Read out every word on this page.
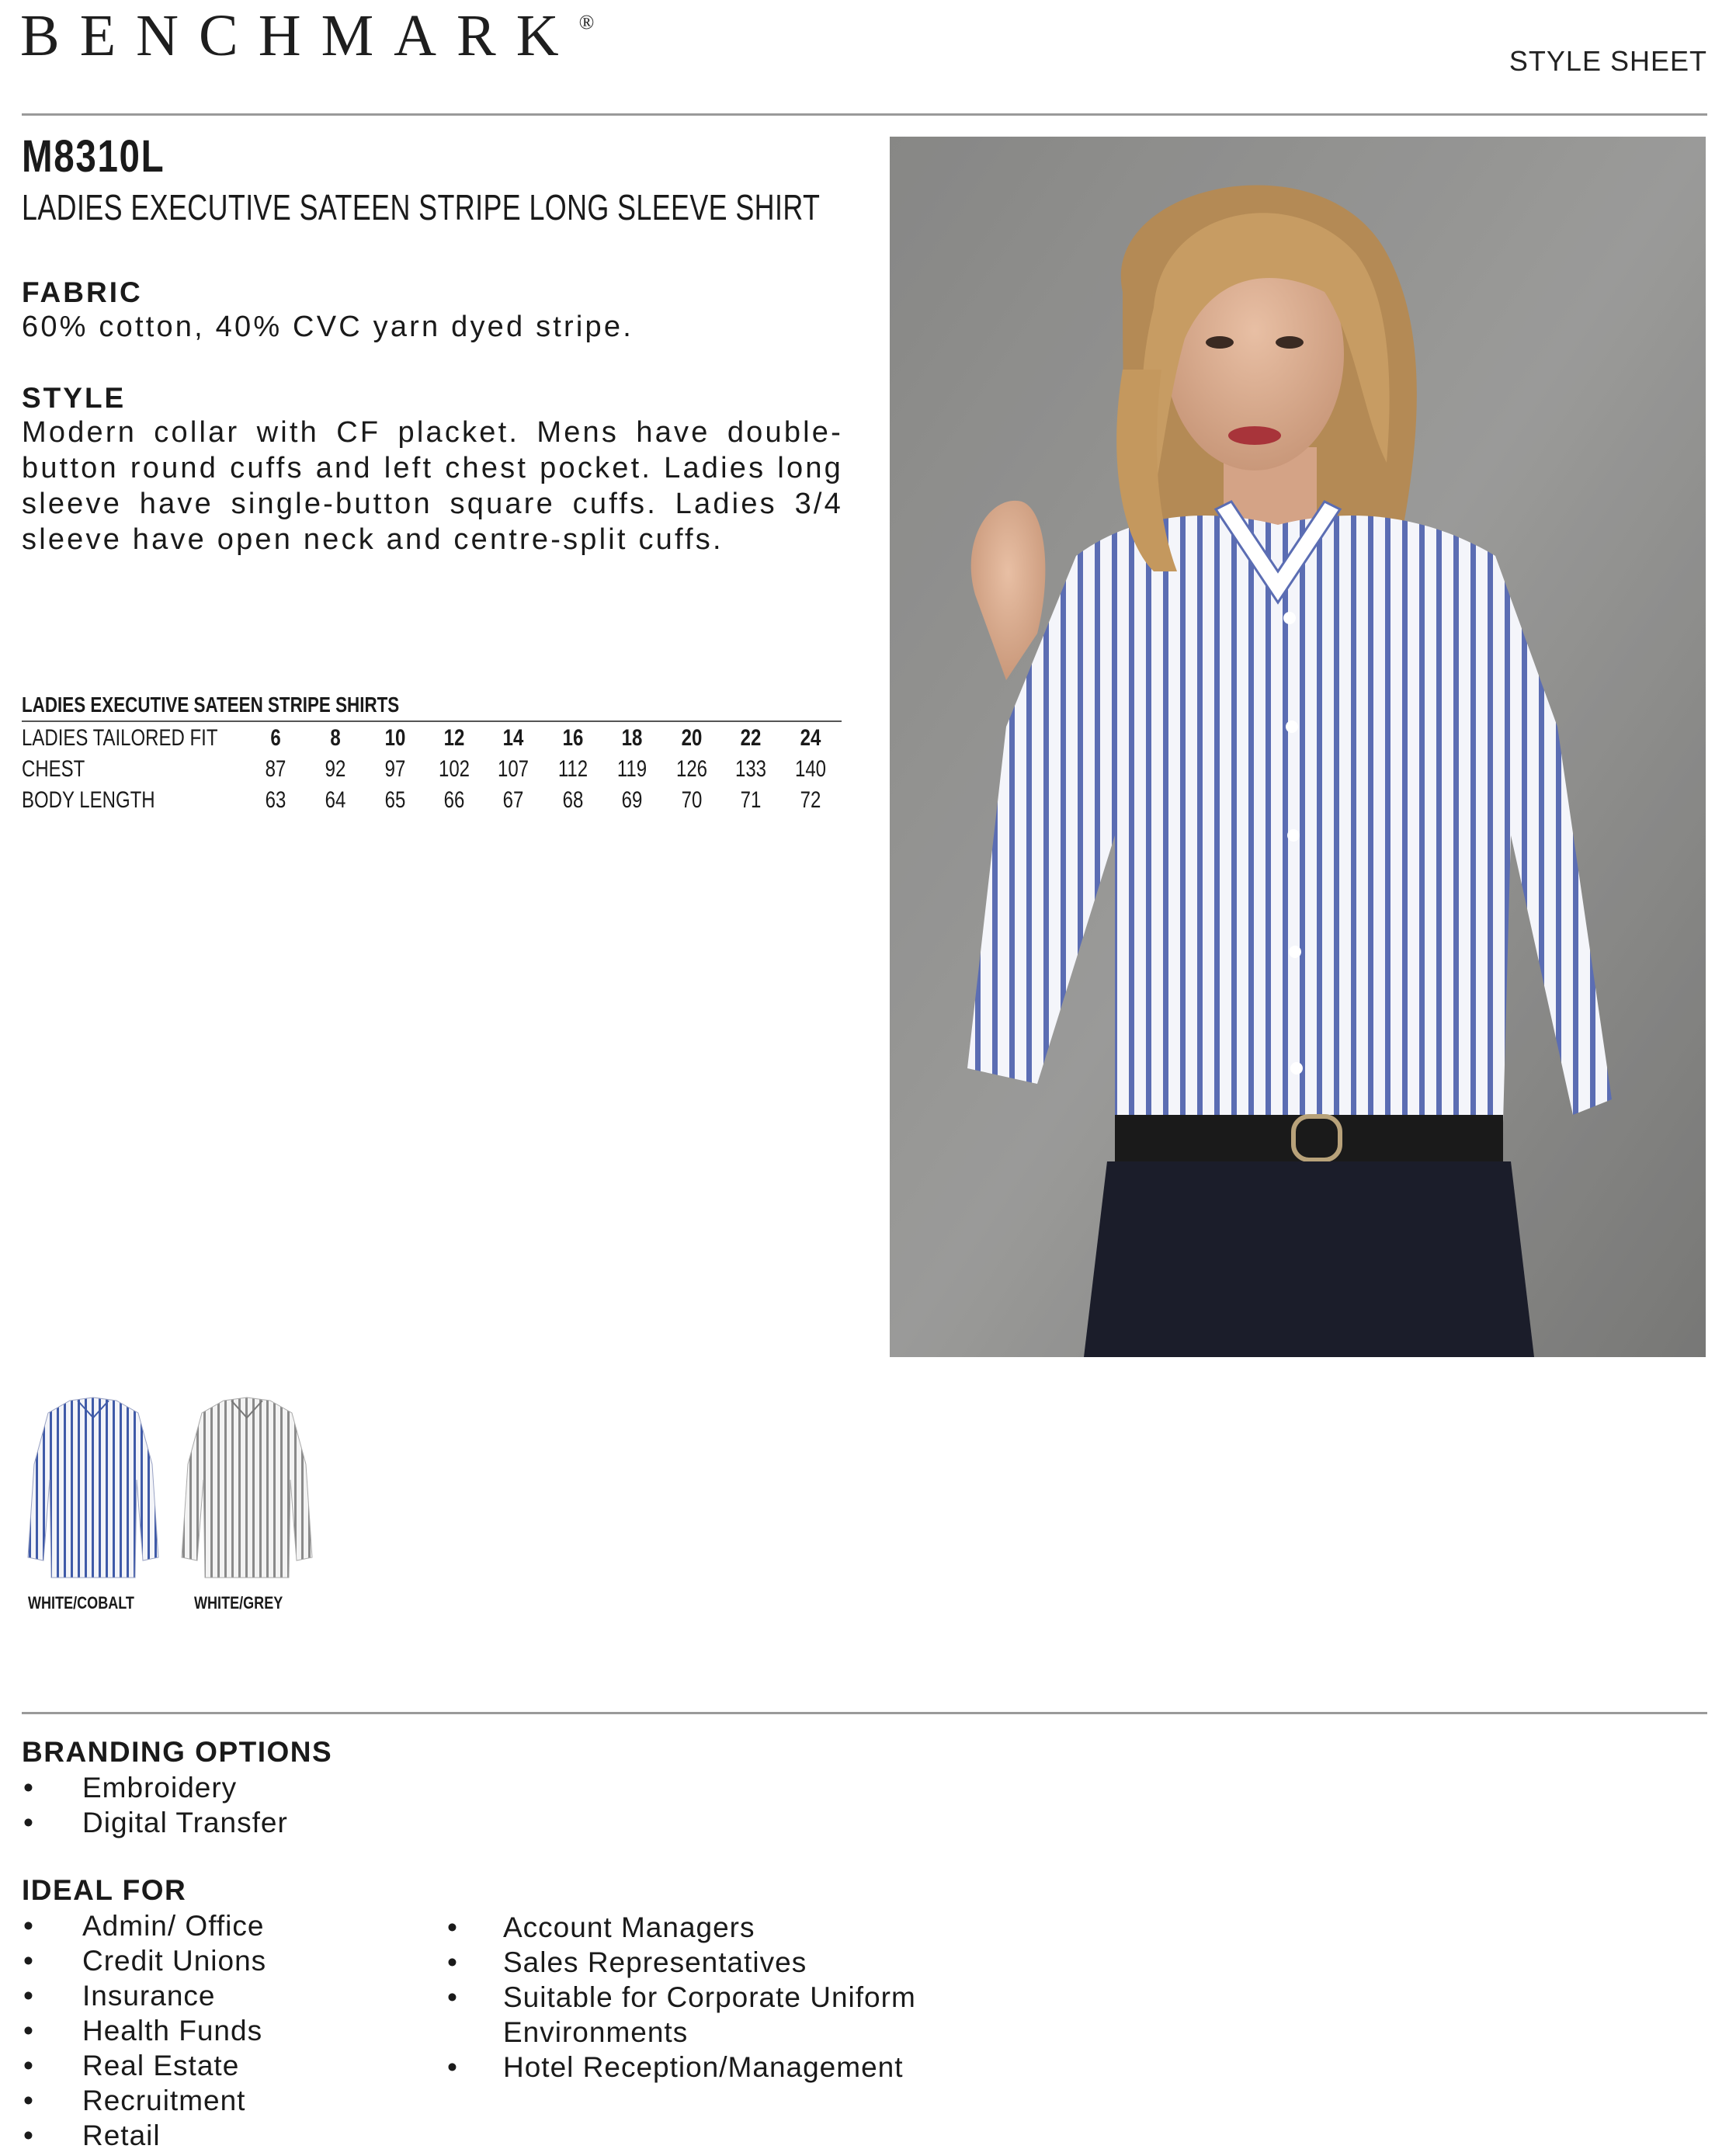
BENCHMARK®
STYLE SHEET
M8310L
LADIES EXECUTIVE SATEEN STRIPE LONG SLEEVE SHIRT
FABRIC
60% cotton, 40% CVC yarn dyed stripe.
STYLE
Modern collar with CF placket. Mens have double-button round cuffs and left chest pocket. Ladies long sleeve have single-button square cuffs. Ladies 3/4 sleeve have open neck and centre-split cuffs.
LADIES EXECUTIVE SATEEN STRIPE SHIRTS
LADIES TAILORED FIT	6	8	10	12	14	16	18	20	22	24
CHEST	87	92	97	102 107 112 119 126 133 140
BODY LENGTH	63	64	65	66	67	68	69	70	71	72
WHITE/COBALT	WHITE/GREY
BRANDING OPTIONS
• Embroidery
• Digital Transfer
IDEAL FOR
• Admin/ Office
• Credit Unions
• Insurance
• Health Funds
• Real Estate
• Recruitment
• Retail
• Account Managers
• Sales Representatives
• Suitable for Corporate Uniform Environments
• Hotel Reception/Management
